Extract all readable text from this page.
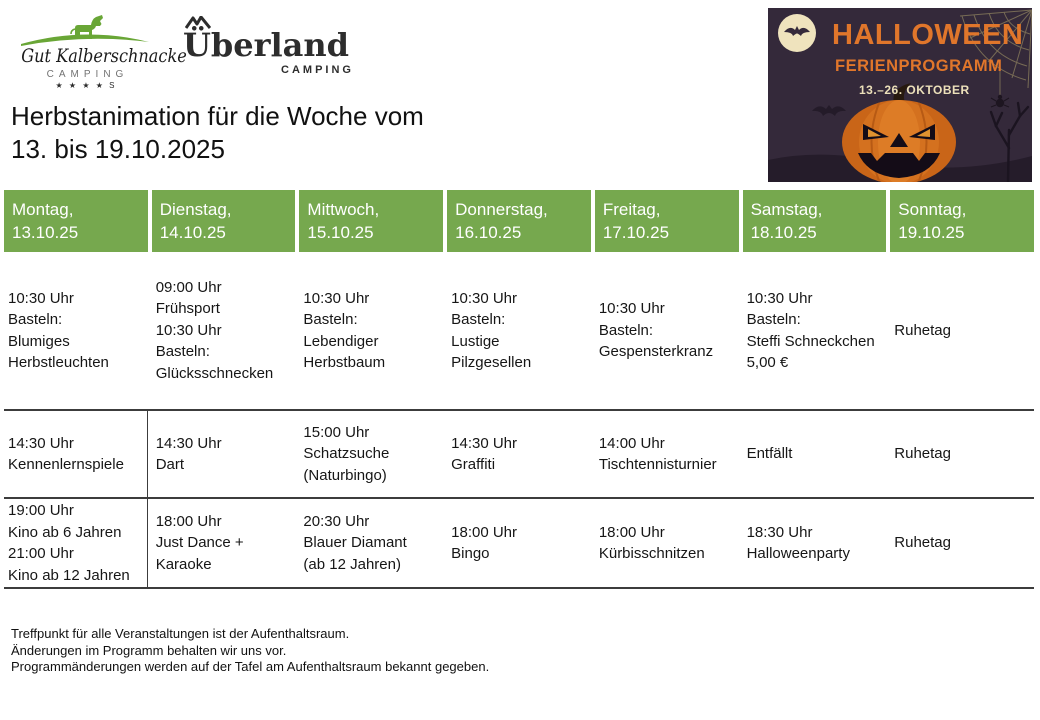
Gut Kalberschnacke
CAMPING
★ ★ ★ ★ S
Überland
CAMPING
HALLOWEEN
FERIENPROGRAMM
13.–26. OKTOBER
Herbstanimation für die Woche vom
13. bis 19.10.2025
Montag,
13.10.25
Dienstag,
14.10.25
Mittwoch,
15.10.25
Donnerstag,
16.10.25
Freitag,
17.10.25
Samstag,
18.10.25
Sonntag,
19.10.25
10:30 Uhr
Basteln:
Blumiges
Herbstleuchten
09:00 Uhr
Frühsport
10:30 Uhr
Basteln:
Glücksschnecken
10:30 Uhr
Basteln:
Lebendiger
Herbstbaum
10:30 Uhr
Basteln:
Lustige
Pilzgesellen
10:30 Uhr
Basteln:
Gespensterkranz
10:30 Uhr
Basteln:
Steffi Schneckchen
5,00 €
Ruhetag
14:30 Uhr
Kennenlernspiele
14:30 Uhr
Dart
15:00 Uhr
Schatzsuche
(Naturbingo)
14:30 Uhr
Graffiti
14:00 Uhr
Tischtennisturnier
Entfällt	Ruhetag
19:00 Uhr
Kino ab 6 Jahren
21:00 Uhr
Kino ab 12 Jahren
18:00 Uhr
Just Dance +
Karaoke
20:30 Uhr
Blauer Diamant
(ab 12 Jahren)
18:00 Uhr
Bingo
18:00 Uhr
Kürbisschnitzen
18:30 Uhr
Halloweenparty
Ruhetag
Treffpunkt für alle Veranstaltungen ist der Aufenthaltsraum.
Änderungen im Programm behalten wir uns vor.
Programmänderungen werden auf der Tafel am Aufenthaltsraum bekannt gegeben.
